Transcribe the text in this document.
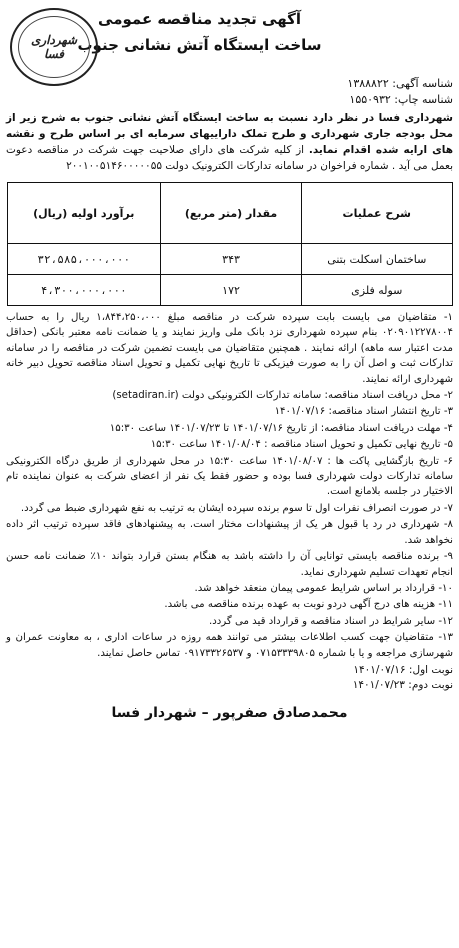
شهرداری فسا

آگهی تجدید مناقصه عمومی

ساخت ایستگاه آتش نشانی جنوب

شناسه آگهی: ۱۳۸۸۸۲۲
شناسه چاپ: ۱۵۵۰۹۳۲
شهرداری فسا در نظر دارد نسبت به ساخت ایستگاه آتش نشانی جنوب به شرح زیر از محل بودجه جاری شهرداری و طرح تملک داراییهای سرمایه ای بر اساس طرح و نقشه های ارایه شده اقدام نماید. از کلیه شرکت های دارای صلاحیت جهت شرکت در مناقصه دعوت بعمل می آید . شماره فراخوان در سامانه تدارکات الکترونیک دولت ۲۰۰۱۰۰۵۱۴۶۰۰۰۰۰۵۵
شرح عملیات	مقدار (متر مربع)	برآورد اولیه (ریال)
ساختمان اسکلت بتنی	۳۴۳	۳۲،۵۸۵،۰۰۰،۰۰۰
سوله فلزی	۱۷۲	۴،۳۰۰،۰۰۰،۰۰۰

۱- متقاضیان می بایست بابت سپرده شرکت در مناقصه مبلغ ۱،۸۴۴،۲۵۰،۰۰۰ ریال را به حساب ۰۲۰۹۰۱۲۲۷۸۰۰۴ بنام سپرده شهرداری نزد بانک ملی واریز نمایند و یا ضمانت نامه معتبر بانکی (حداقل مدت اعتبار سه ماهه) ارائه نمایند . همچنین متقاضیان می بایست تضمین شرکت در مناقصه را در سامانه تدارکات ثبت و اصل آن را به صورت فیزیکی تا تاریخ نهایی تکمیل و تحویل اسناد مناقصه تحویل دبیر خانه شهرداری ارائه نمایند.

۲- محل دریافت اسناد مناقصه: سامانه تدارکات الکترونیکی دولت (setadiran.ir)

۳- تاریخ انتشار اسناد مناقصه: ۱۴۰۱/۰۷/۱۶

۴- مهلت دریافت اسناد مناقصه: از تاریخ ۱۴۰۱/۰۷/۱۶ تا ۱۴۰۱/۰۷/۲۳ ساعت ۱۵:۳۰

۵- تاریخ نهایی تکمیل و تحویل اسناد مناقصه : ۱۴۰۱/۰۸/۰۴ ساعت ۱۵:۳۰

۶- تاریخ بازگشایی پاکت ها : ۱۴۰۱/۰۸/۰۷ ساعت ۱۵:۳۰ در محل شهرداری از طریق درگاه الکترونیکی سامانه تدارکات دولت شهرداری فسا بوده و حضور فقط یک نفر از اعضای شرکت به عنوان نماینده تام الاختیار در جلسه بلامانع است.

۷- در صورت انصراف نفرات اول تا سوم برنده سپرده ایشان به ترتیب به نفع شهرداری ضبط می گردد.

۸- شهرداری در رد یا قبول هر یک از پیشنهادات مختار است. به پیشنهادهای فاقد سپرده ترتیب اثر داده نخواهد شد.

۹- برنده مناقصه بایستی توانایی آن را داشته باشد به هنگام بستن قرارد بتواند ۱۰٪ ضمانت نامه حسن انجام تعهدات تسلیم شهرداری نماید.

۱۰- قرارداد بر اساس شرایط عمومی پیمان منعقد خواهد شد.

۱۱- هزینه های درج آگهی دردو نوبت به عهده برنده مناقصه می باشد.

۱۲- سایر شرایط در اسناد مناقصه و قرارداد قید می گردد.

۱۳- متقاضیان جهت کسب اطلاعات بیشتر می توانند همه روزه در ساعات اداری ، به معاونت عمران و شهرسازی مراجعه و یا با شماره ۰۷۱۵۳۳۳۹۸۰۵ و ۰۹۱۷۳۳۲۶۵۳۷ تماس حاصل نمایند.

نوبت اول: ۱۴۰۱/۰۷/۱۶
نوبت دوم: ۱۴۰۱/۰۷/۲۳
محمدصادق صفرپور – شهردار فسا
